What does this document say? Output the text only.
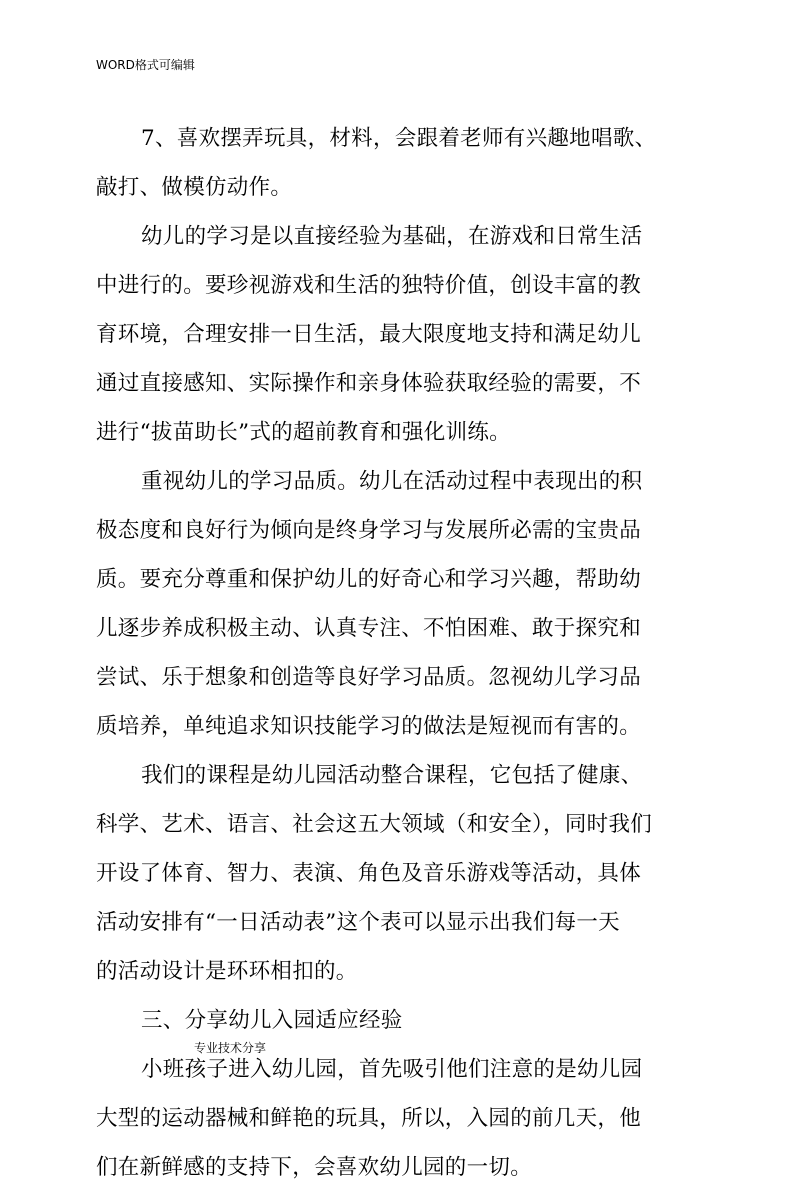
WORD格式可编辑
7、喜欢摆弄玩具，材料，会跟着老师有兴趣地唱歌、
敲打、做模仿动作。
幼儿的学习是以直接经验为基础，在游戏和日常生活
中进行的。要珍视游戏和生活的独特价值，创设丰富的教
育环境，合理安排一日生活，最大限度地支持和满足幼儿
通过直接感知、实际操作和亲身体验获取经验的需要，不
进行“拔苗助长”式的超前教育和强化训练。
重视幼儿的学习品质。幼儿在活动过程中表现出的积
极态度和良好行为倾向是终身学习与发展所必需的宝贵品
质。要充分尊重和保护幼儿的好奇心和学习兴趣，帮助幼
儿逐步养成积极主动、认真专注、不怕困难、敢于探究和
尝试、乐于想象和创造等良好学习品质。忽视幼儿学习品
质培养，单纯追求知识技能学习的做法是短视而有害的。
我们的课程是幼儿园活动整合课程，它包括了健康、
科学、艺术、语言、社会这五大领域（和安全），同时我们
开设了体育、智力、表演、角色及音乐游戏等活动，具体
活动安排有“一日活动表”这个表可以显示出我们每一天
的活动设计是环环相扣的。
三、分享幼儿入园适应经验
小班孩子进入幼儿园，首先吸引他们注意的是幼儿园
大型的运动器械和鲜艳的玩具，所以，入园的前几天，他
们在新鲜感的支持下，会喜欢幼儿园的一切。
专业技术分享
